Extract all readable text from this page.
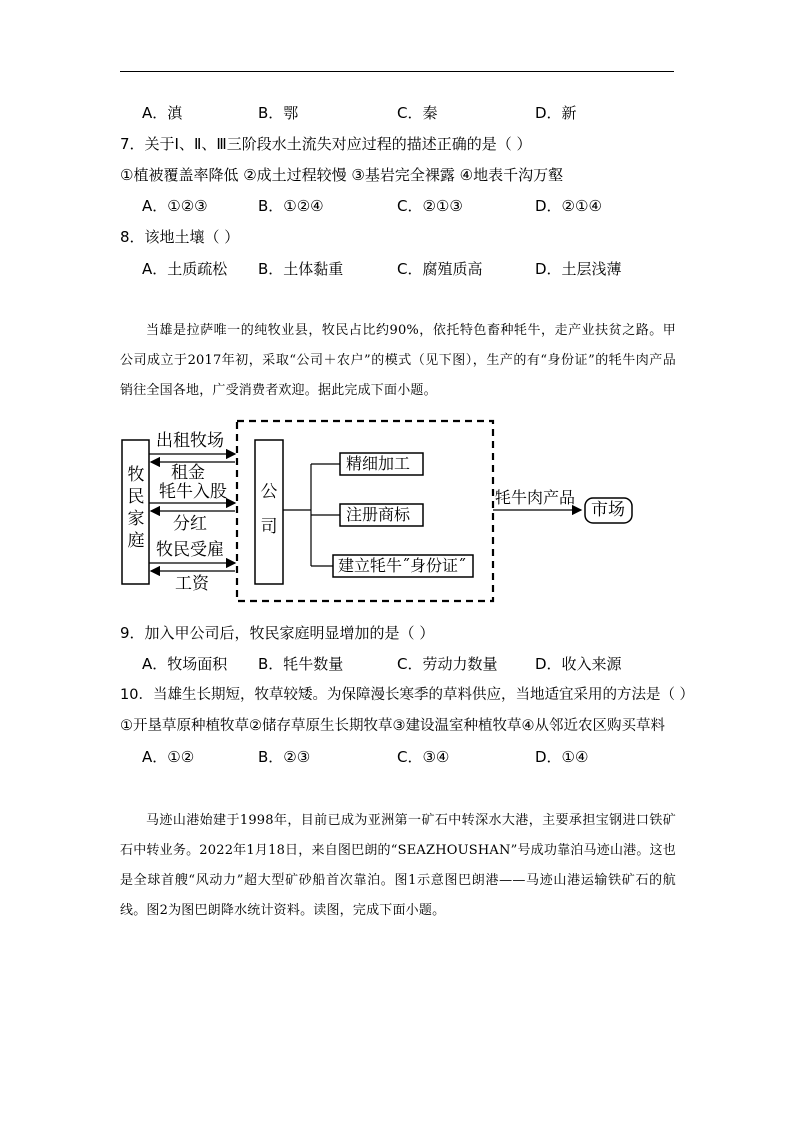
A．滇	B．鄂	C．秦	D．新
7．关于Ⅰ、Ⅱ、Ⅲ三阶段水土流失对应过程的描述正确的是（ ）
①植被覆盖率降低 ②成土过程较慢 ③基岩完全裸露 ④地表千沟万壑
A．①②③	B．①②④	C．②①③	D．②①④
8．该地土壤（ ）
A．土质疏松 B．土体黏重	C．腐殖质高	D．土层浅薄
当雄是拉萨唯一的纯牧业县，牧民占比约90%，依托特色畜种牦牛，走产业扶贫之路。甲公司成立于2017年初，采取“公司＋农户”的模式（见下图），生产的有“身份证”的牦牛肉产品销往全国各地，广受消费者欢迎。据此完成下面小题。
牧
民
家
庭
公
司
出租牧场
租金
牦牛入股
分红
牧民受雇
工资
精细加工
注册商标
建立牦牛˝身份证˝
牦牛肉产品
市场
9．加入甲公司后，牧民家庭明显增加的是（ ）
A．牧场面积 B．牦牛数量	C．劳动力数量	D．收入来源
10．当雄生长期短，牧草较矮。为保障漫长寒季的草料供应，当地适宜采用的方法是（ ）
①开垦草原种植牧草②储存草原生长期牧草③建设温室种植牧草④从邻近农区购买草料
A．①②	B．②③	C．③④	D．①④
马迹山港始建于1998年，目前已成为亚洲第一矿石中转深水大港，主要承担宝钢进口铁矿石中转业务。2022年1月18日，来自图巴朗的“SEAZHOUSHAN”号成功靠泊马迹山港。这也是全球首艘“风动力”超大型矿砂船首次靠泊。图1示意图巴朗港——马迹山港运输铁矿石的航线。图2为图巴朗降水统计资料。读图，完成下面小题。
